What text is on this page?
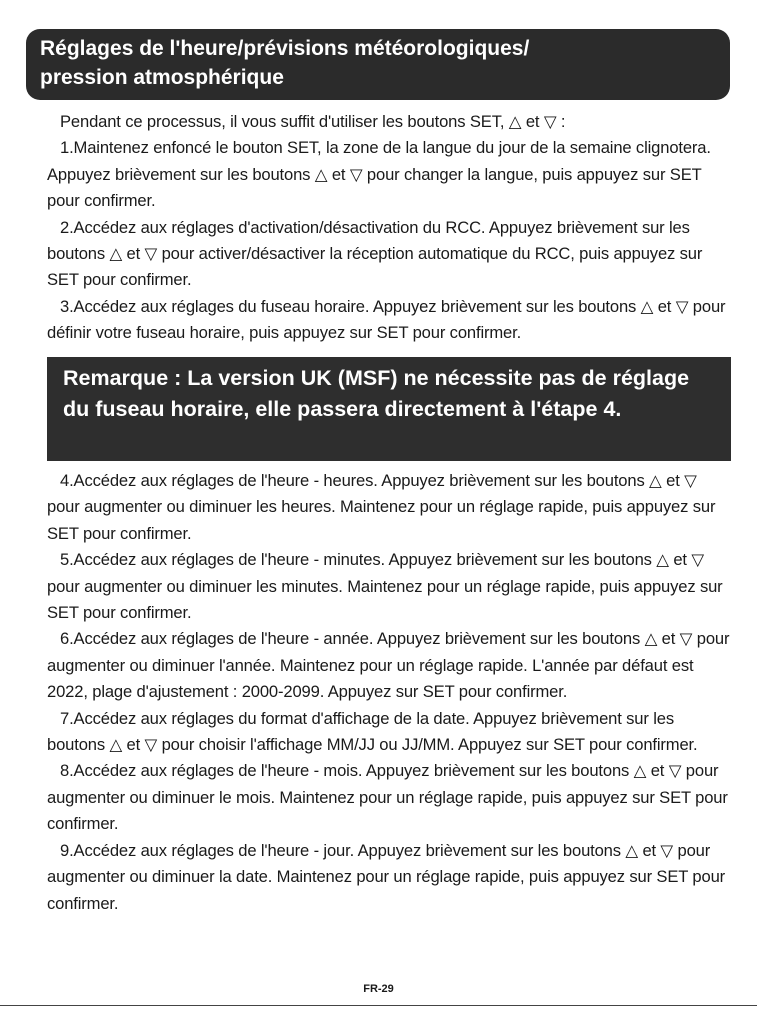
Réglages de l'heure/prévisions météorologiques/
pression atmosphérique

Pendant ce processus, il vous suffit d'utiliser les boutons SET, △ et ▽ :

1.Maintenez enfoncé le bouton SET, la zone de la langue du jour de la semaine clignotera. Appuyez brièvement sur les boutons △ et ▽ pour changer la langue, puis appuyez sur SET pour confirmer.

2.Accédez aux réglages d'activation/désactivation du RCC. Appuyez brièvement sur les boutons △ et ▽ pour activer/désactiver la réception automatique du RCC, puis appuyez sur SET pour confirmer.

3.Accédez aux réglages du fuseau horaire. Appuyez brièvement sur les boutons △ et ▽ pour définir votre fuseau horaire, puis appuyez sur SET pour confirmer.

Remarque : La version UK (MSF) ne nécessite pas de réglage du fuseau horaire, elle passera directement à l'étape 4.

4.Accédez aux réglages de l'heure - heures. Appuyez brièvement sur les boutons △ et ▽ pour augmenter ou diminuer les heures. Maintenez pour un réglage rapide, puis appuyez sur SET pour confirmer.

5.Accédez aux réglages de l'heure - minutes. Appuyez brièvement sur les boutons △ et ▽ pour augmenter ou diminuer les minutes. Maintenez pour un réglage rapide, puis appuyez sur SET pour confirmer.

6.Accédez aux réglages de l'heure - année. Appuyez brièvement sur les boutons △ et ▽ pour augmenter ou diminuer l'année. Maintenez pour un réglage rapide. L'année par défaut est 2022, plage d'ajustement : 2000-2099. Appuyez sur SET pour confirmer.

7.Accédez aux réglages du format d'affichage de la date. Appuyez brièvement sur les boutons △ et ▽ pour choisir l'affichage MM/JJ ou JJ/MM. Appuyez sur SET pour confirmer.

8.Accédez aux réglages de l'heure - mois. Appuyez brièvement sur les boutons △ et ▽ pour augmenter ou diminuer le mois. Maintenez pour un réglage rapide, puis appuyez sur SET pour confirmer.

9.Accédez aux réglages de l'heure - jour. Appuyez brièvement sur les boutons △ et ▽ pour augmenter ou diminuer la date. Maintenez pour un réglage rapide, puis appuyez sur SET pour confirmer.

FR-29
